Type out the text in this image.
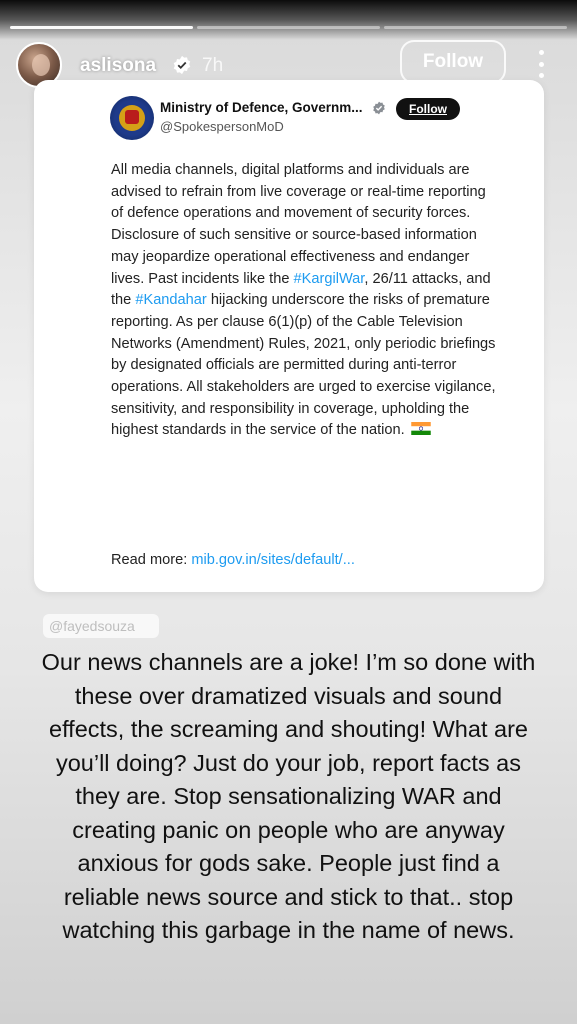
aslisona 7h	Follow
Ministry of Defence, Governm...
@SpokespersonMoD
Follow
All media channels, digital platforms and individuals are advised to refrain from live coverage or real-time reporting of defence operations and movement of security forces. Disclosure of such sensitive or source-based information may jeopardize operational effectiveness and endanger lives. Past incidents like the #KargilWar, 26/11 attacks, and the #Kandahar hijacking underscore the risks of premature reporting. As per clause 6(1)(p) of the Cable Television Networks (Amendment) Rules, 2021, only periodic briefings by designated officials are permitted during anti-terror operations. All stakeholders are urged to exercise vigilance, sensitivity, and responsibility in coverage, upholding the highest standards in the service of the nation.
Read more: mib.gov.in/sites/default/...
@fayedsouza
Our news channels are a joke! I’m so done with these over dramatized visuals and sound effects, the screaming and shouting! What are you’ll doing? Just do your job, report facts as they are. Stop sensationalizing WAR and creating panic on people who are anyway anxious for gods sake. People just find a reliable news source and stick to that.. stop watching this garbage in the name of news.
